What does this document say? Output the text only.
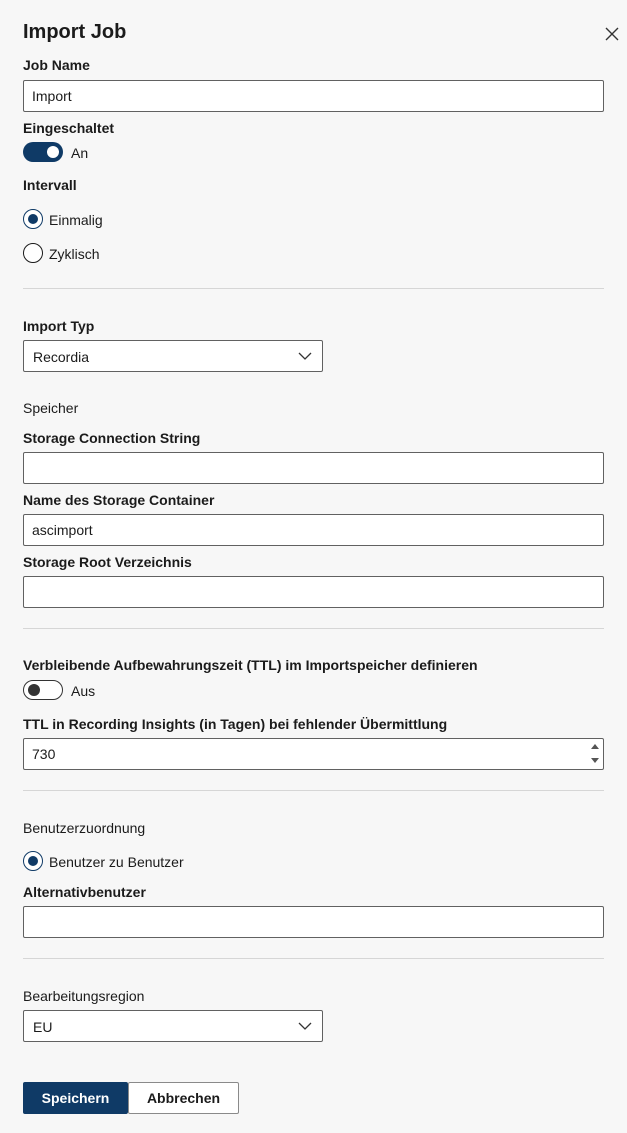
Import Job
Job Name
Import
Eingeschaltet
An
Intervall
Einmalig
Zyklisch
Import Typ
Recordia
Speicher
Storage Connection String
Name des Storage Container
ascimport
Storage Root Verzeichnis
Verbleibende Aufbewahrungszeit (TTL) im Importspeicher definieren
Aus
TTL in Recording Insights (in Tagen) bei fehlender Übermittlung
730
Benutzerzuordnung
Benutzer zu Benutzer
Alternativbenutzer
Bearbeitungsregion
EU
Speichern	Abbrechen
